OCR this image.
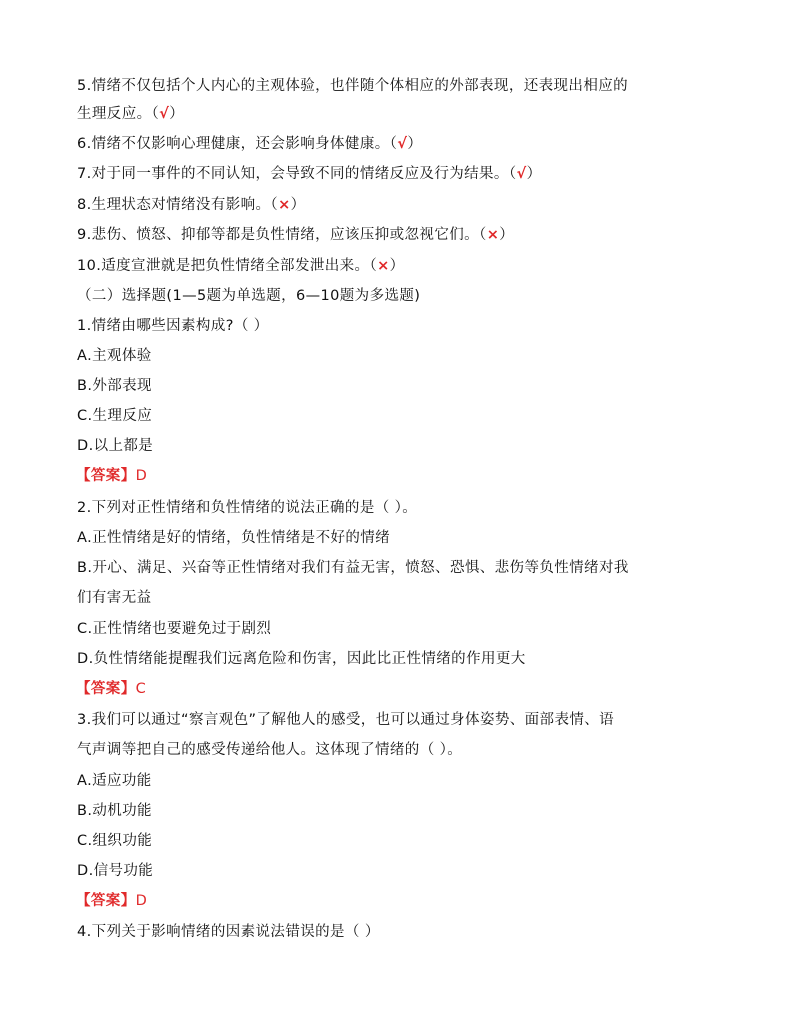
5.情绪不仅包括个人内心的主观体验，也伴随个体相应的外部表现，还表现出相应的
生理反应。（√）
6.情绪不仅影响心理健康，还会影响身体健康。（√）
7.对于同一事件的不同认知，会导致不同的情绪反应及行为结果。（√）
8.生理状态对情绪没有影响。（×）
9.悲伤、愤怒、抑郁等都是负性情绪，应该压抑或忽视它们。（×）
10.适度宣泄就是把负性情绪全部发泄出来。（×）
（二）选择题(1—5题为单选题，6—10题为多选题)
1.情绪由哪些因素构成?（ ）
A.主观体验
B.外部表现
C.生理反应
D.以上都是
【答案】D
2.下列对正性情绪和负性情绪的说法正确的是（ ）。
A.正性情绪是好的情绪，负性情绪是不好的情绪
B.开心、满足、兴奋等正性情绪对我们有益无害，愤怒、恐惧、悲伤等负性情绪对我
们有害无益
C.正性情绪也要避免过于剧烈
D.负性情绪能提醒我们远离危险和伤害，因此比正性情绪的作用更大
【答案】C
3.我们可以通过“察言观色”了解他人的感受，也可以通过身体姿势、面部表情、语
气声调等把自己的感受传递给他人。这体现了情绪的（ ）。
A.适应功能
B.动机功能
C.组织功能
D.信号功能
【答案】D
4.下列关于影响情绪的因素说法错误的是（ ）
